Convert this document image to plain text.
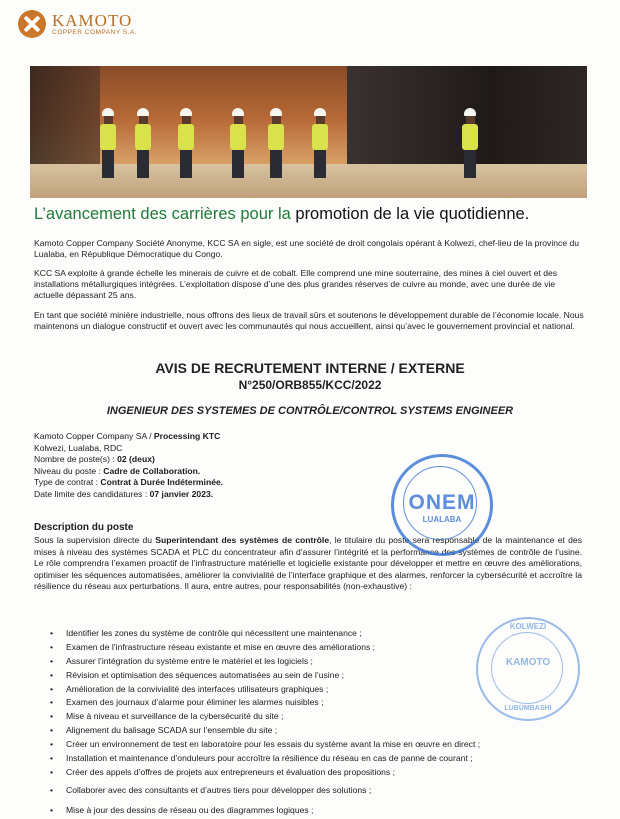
KAMOTO
COPPER COMPANY S.A.
L’avancement des carrières pour la promotion de la vie quotidienne.
Kamoto Copper Company Société Anonyme, KCC SA en sigle, est une société de droit congolais opérant à Kolwezi, chef-lieu de la province du Lualaba, en République Démocratique du Congo.
KCC SA exploite à grande échelle les minerais de cuivre et de cobalt. Elle comprend une mine souterraine, des mines à ciel ouvert et des installations métallurgiques intégrées. L’exploitation dispose d’une des plus grandes réserves de cuivre au monde, avec une durée de vie actuelle dépassant 25 ans.
En tant que société minière industrielle, nous offrons des lieux de travail sûrs et soutenons le développement durable de l’économie locale. Nous maintenons un dialogue constructif et ouvert avec les communautés qui nous accueillent, ainsi qu’avec le gouvernement provincial et national.
AVIS DE RECRUTEMENT INTERNE / EXTERNE
N°250/ORB855/KCC/2022
INGENIEUR DES SYSTEMES DE CONTRÔLE/CONTROL SYSTEMS ENGINEER
Kamoto Copper Company SA / Processing KTC
Kolwezi, Lualaba, RDC
Nombre de poste(s) : 02 (deux)
Niveau du poste : Cadre de Collaboration.
Type de contrat : Contrat à Durée Indéterminée.
Date limite des candidatures : 07 janvier 2023.
Description du poste
Sous la supervision directe du Superintendant des systèmes de contrôle, le titulaire du poste sera responsable de la maintenance et des mises à niveau des systèmes SCADA et PLC du concentrateur afin d’assurer l’intégrité et la performance des systèmes de contrôle de l’usine. Le rôle comprendra l’examen proactif de l’infrastructure matérielle et logicielle existante pour développer et mettre en œuvre des améliorations, optimiser les séquences automatisées, améliorer la convivialité de l’interface graphique et des alarmes, renforcer la cybersécurité et accroître la résilience du réseau aux perturbations. Il aura, entre autres, pour responsabilités (non-exhaustive) :
• Identifier les zones du système de contrôle qui nécessitent une maintenance ;
• Examen de l’infrastructure réseau existante et mise en œuvre des améliorations ;
• Assurer l’intégration du système entre le matériel et les logiciels ;
• Révision et optimisation des séquences automatisées au sein de l’usine ;
• Amélioration de la convivialité des interfaces utilisateurs graphiques ;
• Examen des journaux d’alarme pour éliminer les alarmes nuisibles ;
• Mise à niveau et surveillance de la cybersécurité du site ;
• Alignement du balisage SCADA sur l’ensemble du site ;
• Créer un environnement de test en laboratoire pour les essais du système avant la mise en œuvre en direct ;
• Installation et maintenance d’onduleurs pour accroître la résilience du réseau en cas de panne de courant ;
• Créer des appels d’offres de projets aux entrepreneurs et évaluation des propositions ;
• Collaborer avec des consultants et d’autres tiers pour développer des solutions ;
• Mise à jour des dessins de réseau ou des diagrammes logiques ;
ONEM
LUALABA
KOLWEZI
KAMOTO
LUBUMBASHI
